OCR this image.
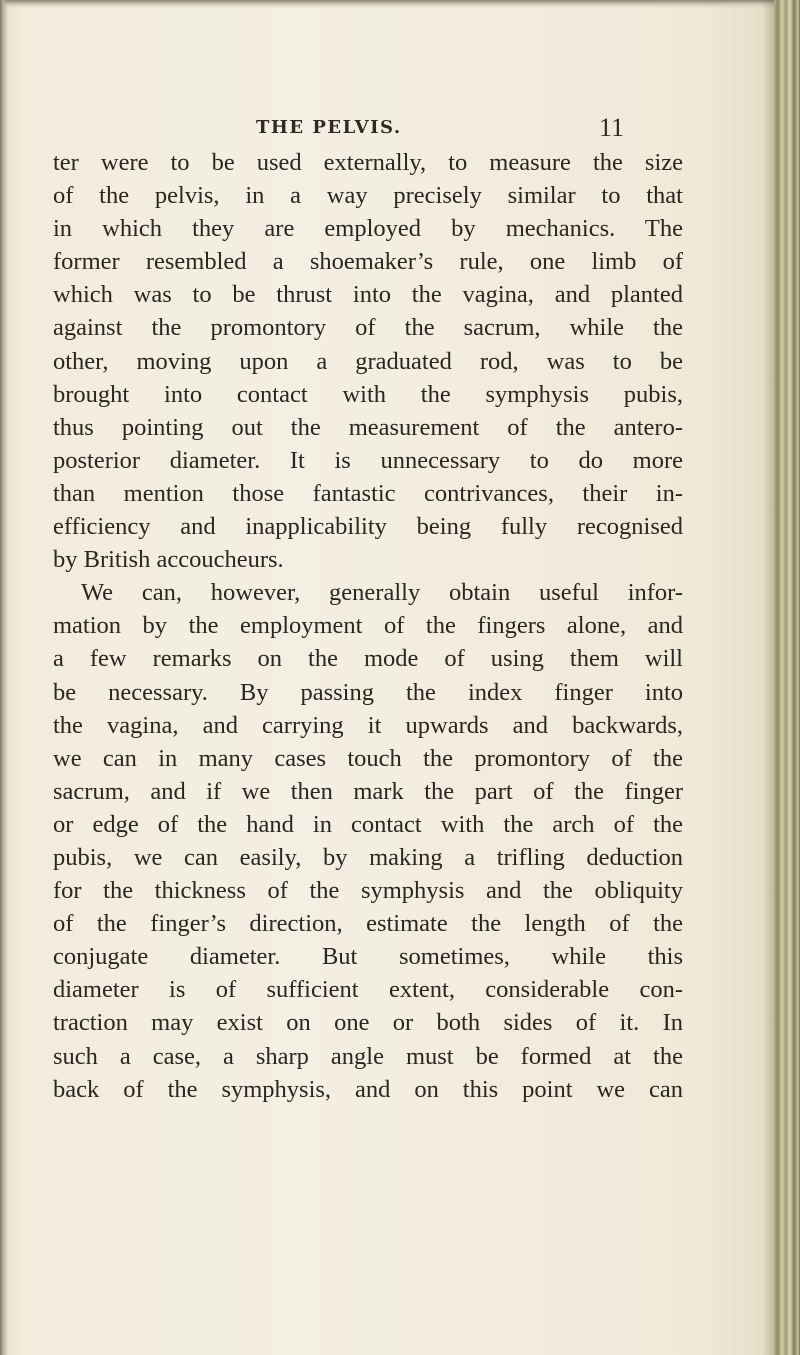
THE PELVIS.	11
ter were to be used externally, to measure the size
of the pelvis, in a way precisely similar to that
in which they are employed by mechanics. The
former resembled a shoemaker’s rule, one limb of
which was to be thrust into the vagina, and planted
against the promontory of the sacrum, while the
other, moving upon a graduated rod, was to be
brought into contact with the symphysis pubis,
thus pointing out the measurement of the antero-
posterior diameter. It is unnecessary to do more
than mention those fantastic contrivances, their in-
efficiency and inapplicability being fully recognised
by British accoucheurs.
We can, however, generally obtain useful infor-
mation by the employment of the fingers alone, and
a few remarks on the mode of using them will
be necessary. By passing the index finger into
the vagina, and carrying it upwards and backwards,
we can in many cases touch the promontory of the
sacrum, and if we then mark the part of the finger
or edge of the hand in contact with the arch of the
pubis, we can easily, by making a trifling deduction
for the thickness of the symphysis and the obliquity
of the finger’s direction, estimate the length of the
conjugate diameter. But sometimes, while this
diameter is of sufficient extent, considerable con-
traction may exist on one or both sides of it. In
such a case, a sharp angle must be formed at the
back of the symphysis, and on this point we can
